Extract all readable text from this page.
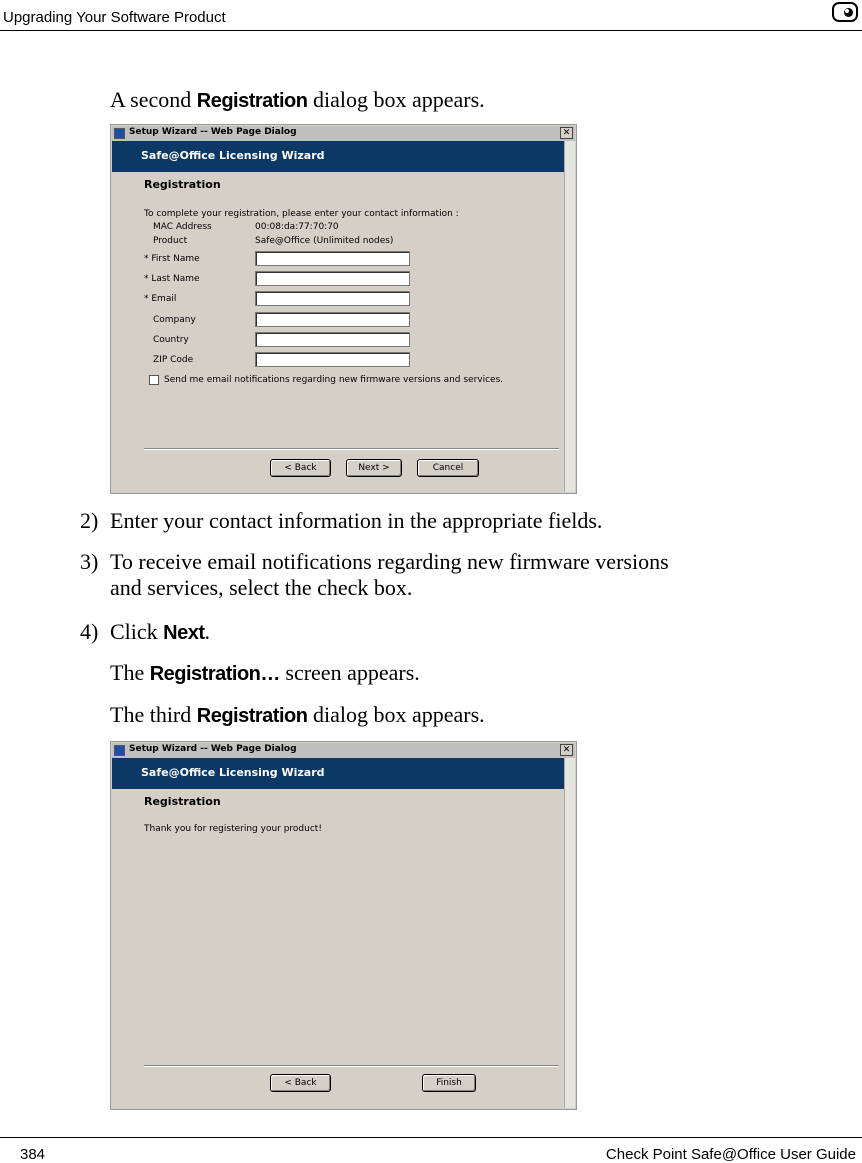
Upgrading Your Software Product
A second Registration dialog box appears.
Setup Wizard -- Web Page Dialog	✕
Safe@Office Licensing Wizard
Registration
To complete your registration, please enter your contact information :
MAC Address	00:08:da:77:70:70
Product	Safe@Office (Unlimited nodes)
* First Name
* Last Name
* Email
Company
Country
ZIP Code
Send me email notifications regarding new firmware versions and services.
< Back	Next >	Cancel
2) Enter your contact information in the appropriate fields.
3) To receive email notifications regarding new firmware versions
and services, select the check box.
4) Click Next.
The Registration… screen appears.
The third Registration dialog box appears.
Setup Wizard -- Web Page Dialog	✕
Safe@Office Licensing Wizard
Registration
Thank you for registering your product!
< Back	Finish
384	Check Point Safe@Office User Guide
